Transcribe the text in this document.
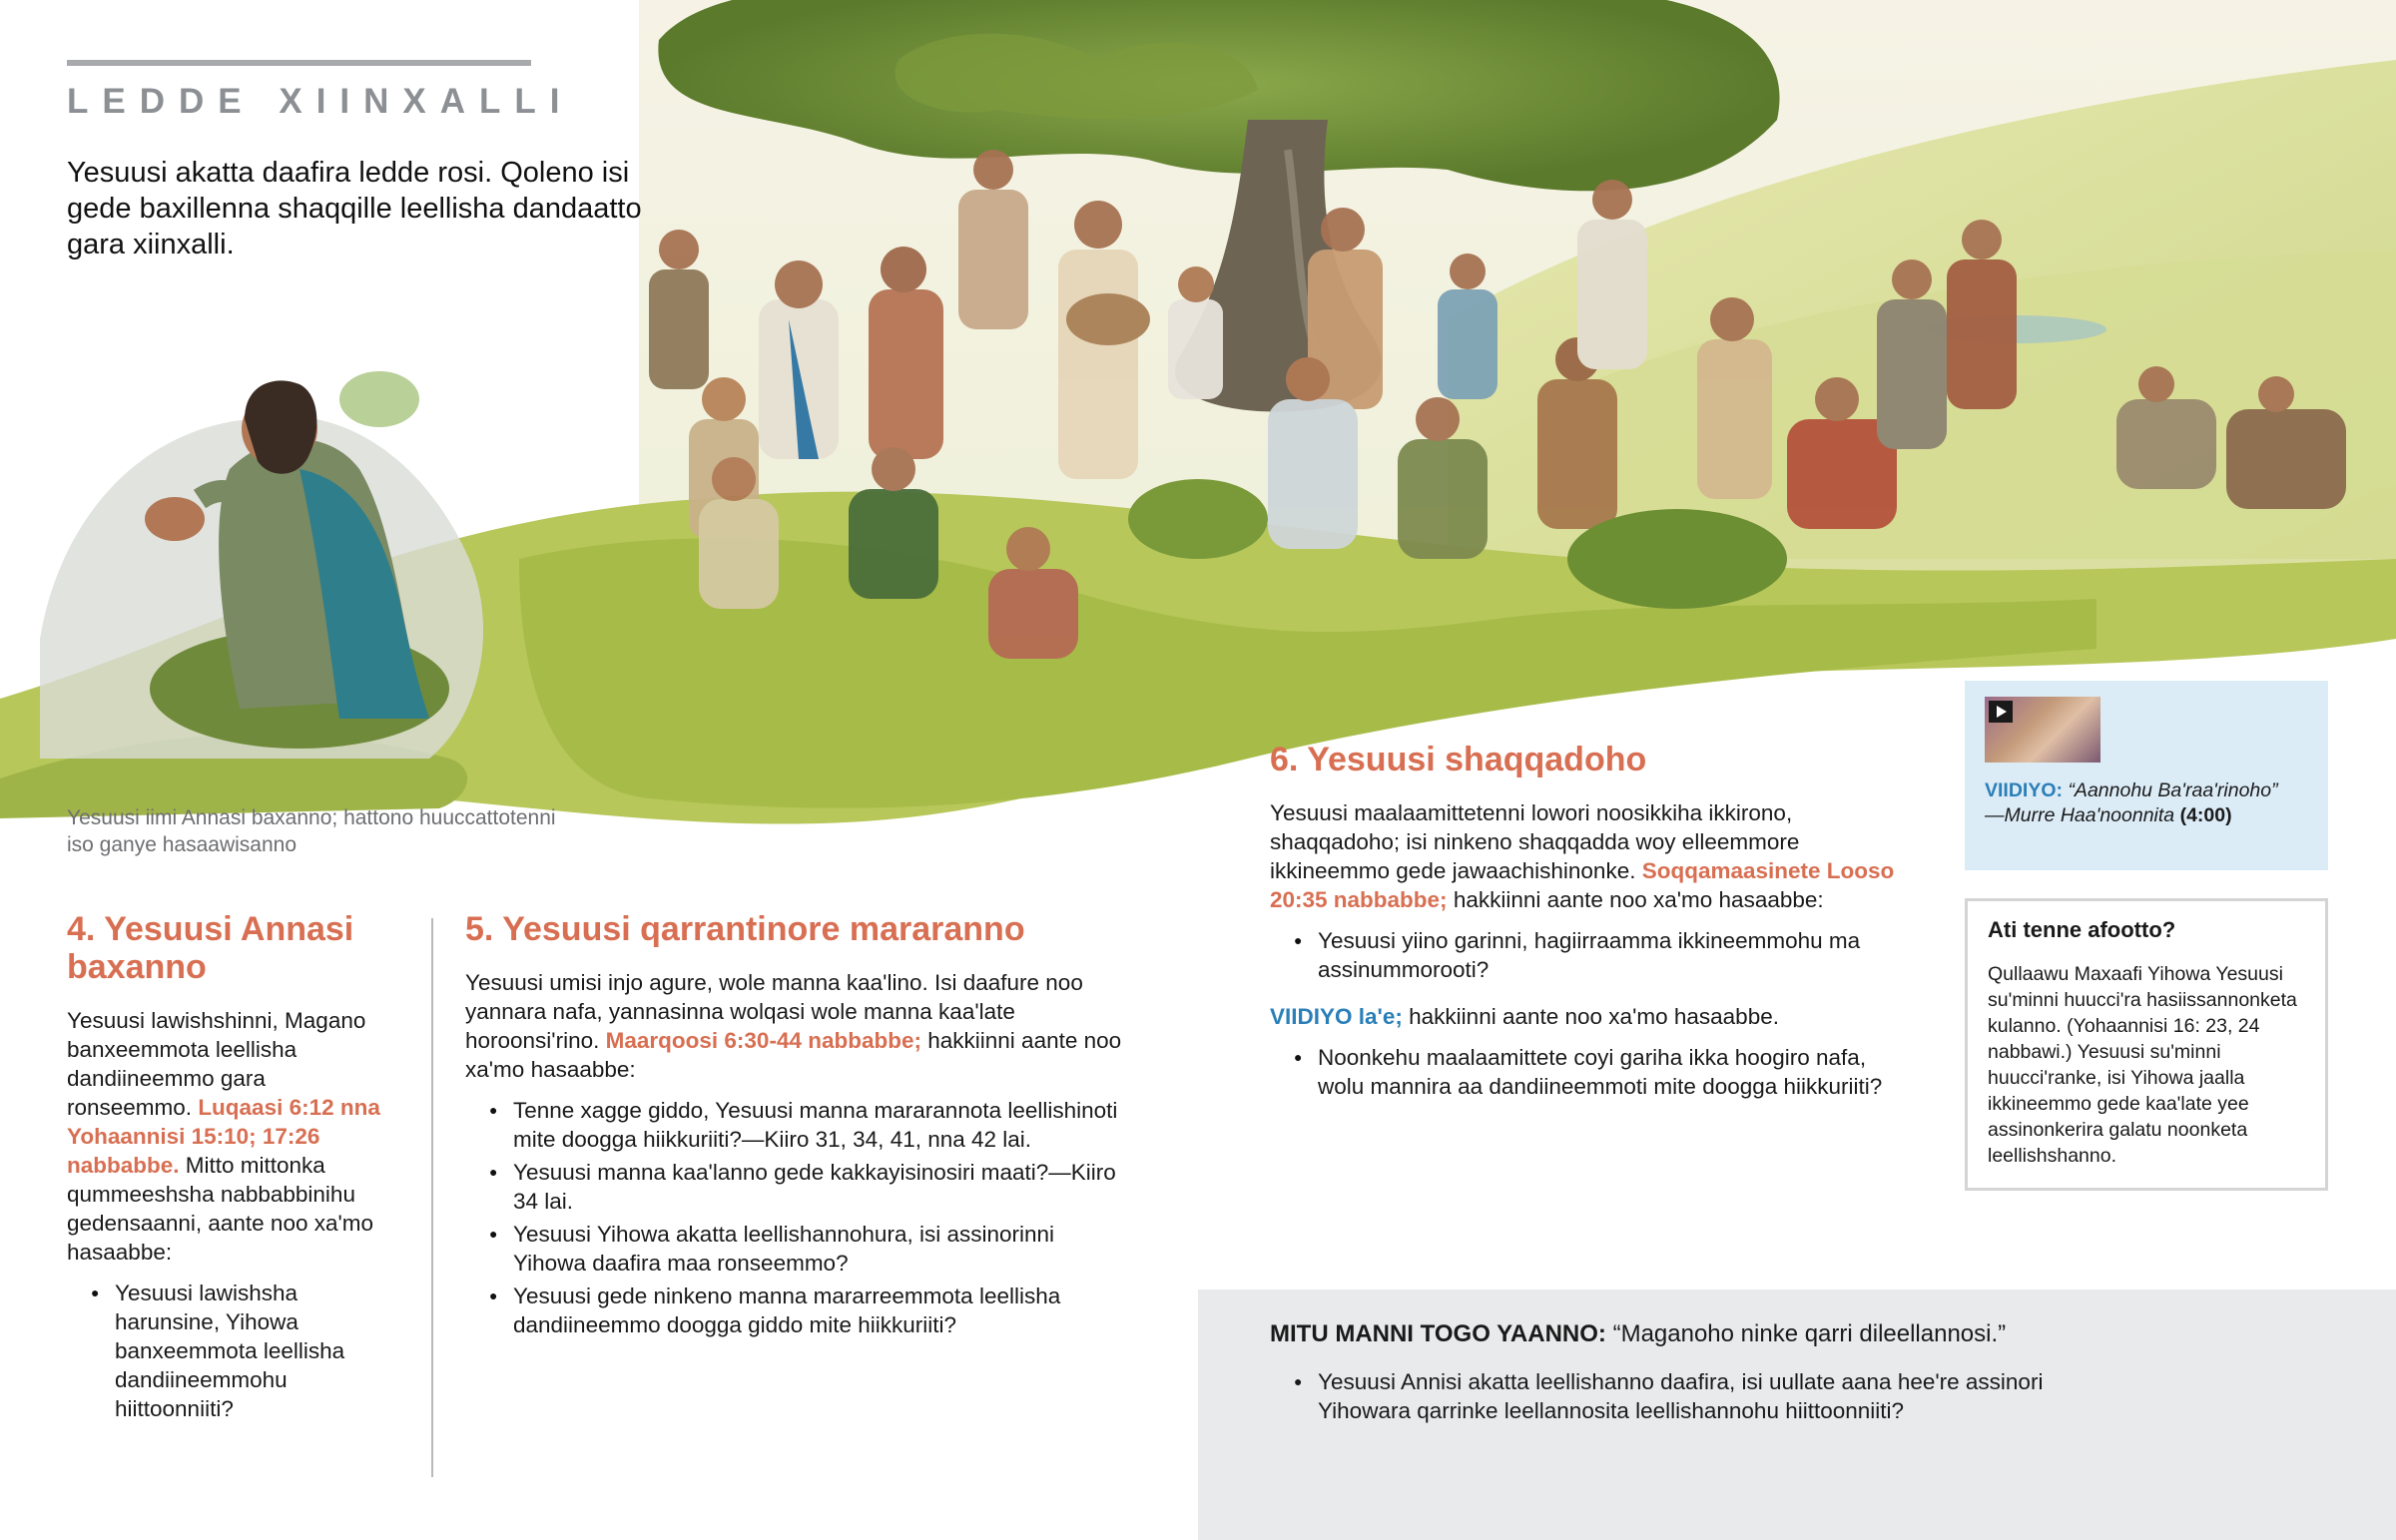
LEDDE XIINXALLI
Yesuusi akatta daafira ledde rosi. Qoleno isi gede baxillenna shaqqille leellisha dandaatto gara xiinxalli.
Yesuusi iimi Annasi baxanno; hattono huuccattotenni iso ganye hasaawisanno
4. Yesuusi Annasi baxanno

Yesuusi lawishshinni, Magano banxeemmota leellisha dandiineemmo gara ronseemmo. Luqaasi 6:12 nna Yohaannisi 15:10; 17:26 nabbabbe. Mitto mittonka qummeeshsha nabbabbinihu gedensaanni, aante noo xa'mo hasaabbe:

● Yesuusi lawishsha harunsine, Yihowa banxeemmota leellisha dandiineemmohu hiittoonniiti?
5. Yesuusi qarrantinore mararanno

Yesuusi umisi injo agure, wole manna kaa'lino. Isi daafure noo yannara nafa, yannasinna wolqasi wole manna kaa'late horoonsi'rino. Maarqoosi 6:30-44 nabbabbe; hakkiinni aante noo xa'mo hasaabbe:

● Tenne xagge giddo, Yesuusi manna mararannota leellishinoti mite doogga hiikkuriiti?—Kiiro 31, 34, 41, nna 42 lai.
● Yesuusi manna kaa'lanno gede kakkayisinosiri maati?—Kiiro 34 lai.
● Yesuusi Yihowa akatta leellishannohura, isi assinorinni Yihowa daafira maa ronseemmo?
● Yesuusi gede ninkeno manna mararreemmota leellisha dandiineemmo doogga giddo mite hiikkuriiti?
6. Yesuusi shaqqadoho

Yesuusi maalaamittetenni lowori noosikkiha ikkirono, shaqqadoho; isi ninkeno shaqqadda woy elleemmore ikkineemmo gede jawaachishinonke. Soqqamaasinete Looso 20:35 nabbabbe; hakkiinni aante noo xa'mo hasaabbe:

● Yesuusi yiino garinni, hagiirraamma ikkineemmohu ma assinummorooti?

VIIDIYO la'e; hakkiinni aante noo xa'mo hasaabbe.

● Noonkehu maalaamittete coyi gariha ikka hoogiro nafa, wolu mannira aa dandiineemmoti mite doogga hiikkuriiti?
VIIDIYO: “Aannohu Ba'raa'rinoho”
—Murre Haa'noonnita (4:00)
Ati tenne afootto?

Qullaawu Maxaafi Yihowa Yesuusi su'minni huucci'ra hasiissannonketa kulanno. (Yohaannisi 16: 23, 24 nabbawi.) Yesuusi su'minni huucci'ranke, isi Yihowa jaalla ikkineemmo gede kaa'late yee assinonkerira galatu noonketa leellishshanno.

MITU MANNI TOGO YAANNO: “Maganoho ninke qarri dileellannosi.”
● Yesuusi Annisi akatta leellishanno daafira, isi uullate aana hee're assinori Yihowara qarrinke leellannosita leellishannohu hiittoonniiti?
